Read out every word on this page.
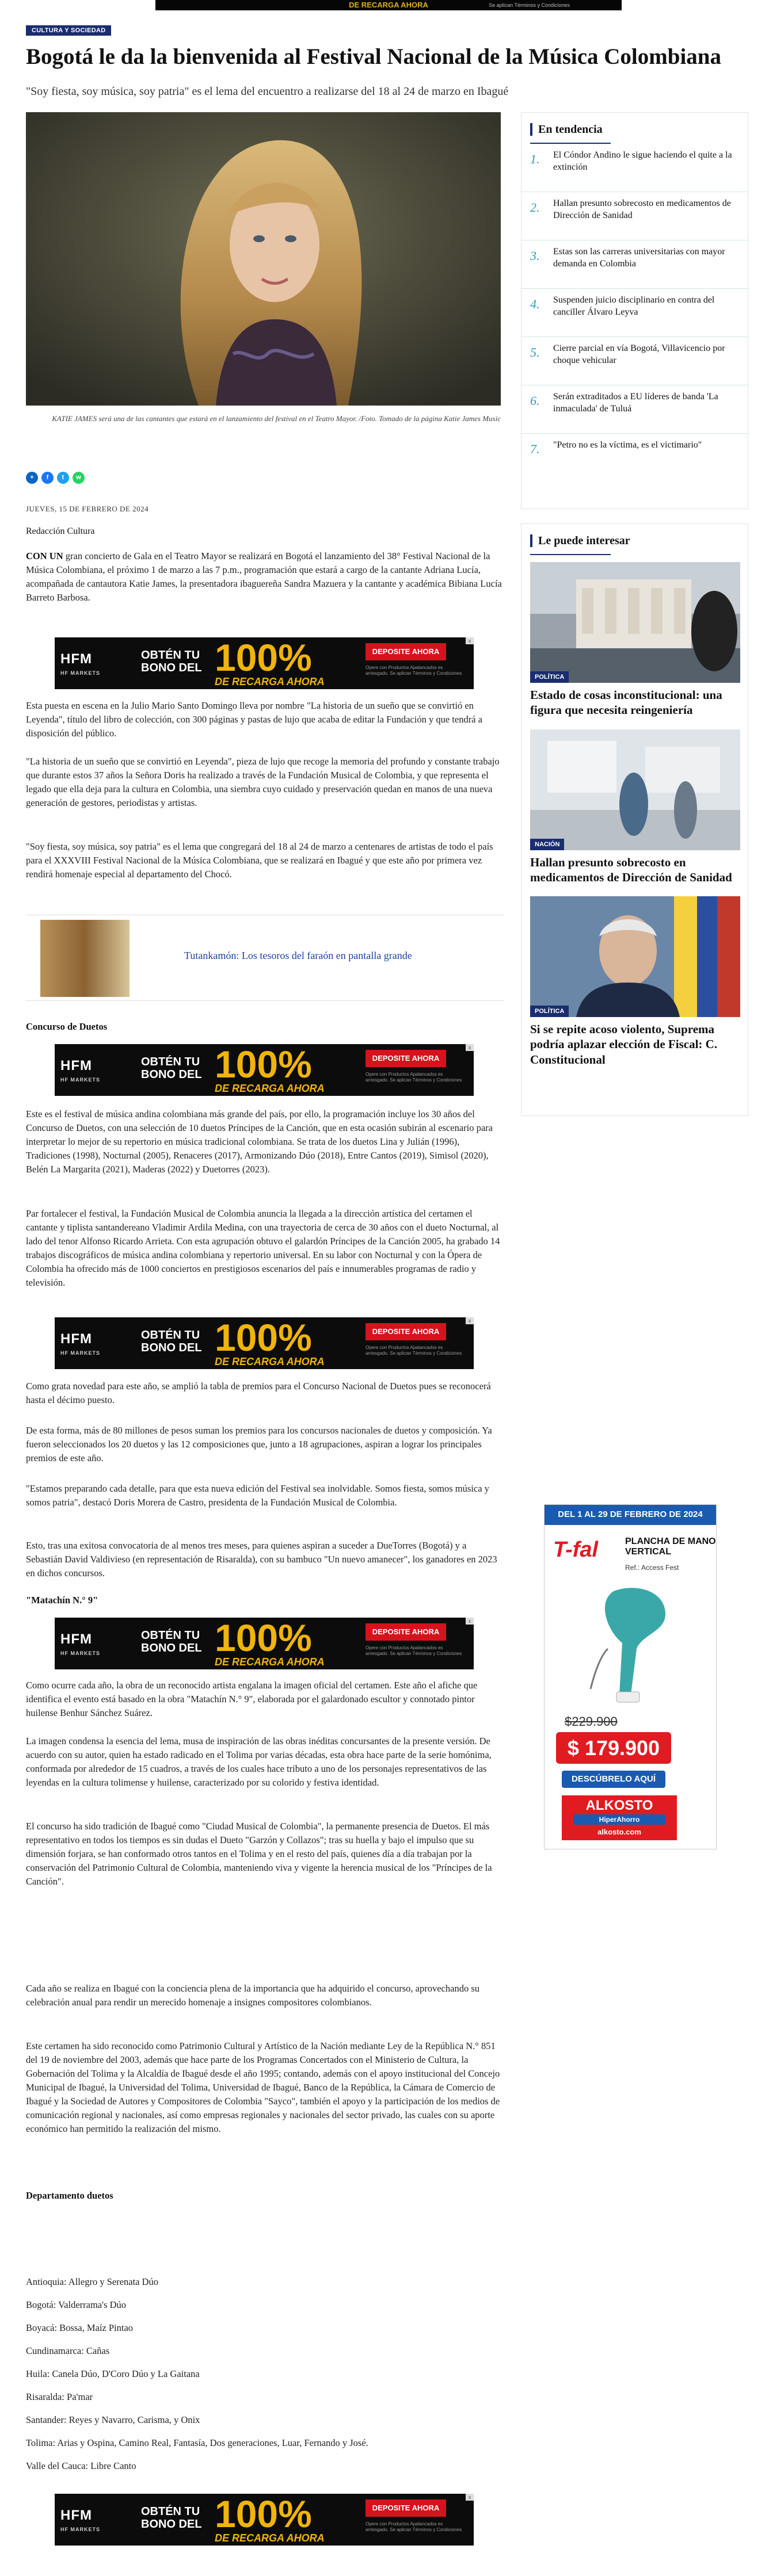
DE RECARGA AHORA	Se aplican Términos y Condiciones
CULTURA Y SOCIEDAD
Bogotá le da la bienvenida al Festival Nacional de la Música Colombiana
"Soy fiesta, soy música, soy patria" es el lema del encuentro a realizarse del 18 al 24 de marzo en Ibagué
KATIE JAMES será una de las cantantes que estará en el lanzamiento del festival en el Teatro Mayor. /Foto. Tomado de la página Katie James Music
+	f	t	w
JUEVES, 15 DE FEBRERO DE 2024
Redacción Cultura

CON UN gran concierto de Gala en el Teatro Mayor se realizará en Bogotá el lanzamiento del 38° Festival Nacional de la Música Colombiana, el próximo 1 de marzo a las 7 p.m., programación que estará a cargo de la cantante Adriana Lucía, acompañada de cantautora Katie James, la presentadora ibaguereña Sandra Mazuera y la cantante y académica Bibiana Lucía Barreto Barbosa.

HFM
HF MARKETS
OBTÉN TU
BONO DEL 100%
DE RECARGA AHORA
DEPOSITE AHORA
Opere con Productos Apalancados es arriesgado. Se aplican Términos y Condiciones
x

Esta puesta en escena en la Julio Mario Santo Domingo lleva por nombre "La historia de un sueño que se convirtió en Leyenda", título del libro de colección, con 300 páginas y pastas de lujo que acaba de editar la Fundación y que tendrá a disposición del público.

"La historia de un sueño que se convirtió en Leyenda", pieza de lujo que recoge la memoria del profundo y constante trabajo que durante estos 37 años la Señora Doris ha realizado a través de la Fundación Musical de Colombia, y que representa el legado que ella deja para la cultura en Colombia, una siembra cuyo cuidado y preservación quedan en manos de una nueva generación de gestores, periodistas y artistas.

"Soy fiesta, soy música, soy patria" es el lema que congregará del 18 al 24 de marzo a centenares de artistas de todo el país para el XXXVIII Festival Nacional de la Música Colombiana, que se realizará en Ibagué y que este año por primera vez rendirá homenaje especial al departamento del Chocó.

Tutankamón: Los tesoros del faraón en pantalla grande
Concurso de Duetos
HFM
HF MARKETS
OBTÉN TU
BONO DEL 100%
DE RECARGA AHORA
DEPOSITE AHORA
Opere con Productos Apalancados es arriesgado. Se aplican Términos y Condiciones
x

Este es el festival de música andina colombiana más grande del país, por ello, la programación incluye los 30 años del Concurso de Duetos, con una selección de 10 duetos Príncipes de la Canción, que en esta ocasión subirán al escenario para interpretar lo mejor de su repertorio en música tradicional colombiana. Se trata de los duetos Lina y Julián (1996), Tradiciones (1998), Nocturnal (2005), Renaceres (2017), Armonizando Dúo (2018), Entre Cantos (2019), Simisol (2020), Belén La Margarita (2021), Maderas (2022) y Duetorres (2023).

Par fortalecer el festival, la Fundación Musical de Colombia anuncia la llegada a la dirección artística del certamen el cantante y tiplista santandereano Vladimir Ardila Medina, con una trayectoria de cerca de 30 años con el dueto Nocturnal, al lado del tenor Alfonso Ricardo Arrieta. Con esta agrupación obtuvo el galardón Príncipes de la Canción 2005, ha grabado 14 trabajos discográficos de música andina colombiana y repertorio universal. En su labor con Nocturnal y con la Ópera de Colombia ha ofrecido más de 1000 conciertos en prestigiosos escenarios del país e innumerables programas de radio y televisión.

HFM
HF MARKETS
OBTÉN TU
BONO DEL 100%
DE RECARGA AHORA
DEPOSITE AHORA
Opere con Productos Apalancados es arriesgado. Se aplican Términos y Condiciones
x

Como grata novedad para este año, se amplió la tabla de premios para el Concurso Nacional de Duetos pues se reconocerá hasta el décimo puesto.

De esta forma, más de 80 millones de pesos suman los premios para los concursos nacionales de duetos y composición. Ya fueron seleccionados los 20 duetos y las 12 composiciones que, junto a 18 agrupaciones, aspiran a lograr los principales premios de este año.

"Estamos preparando cada detalle, para que esta nueva edición del Festival sea inolvidable. Somos fiesta, somos música y somos patria", destacó Doris Morera de Castro, presidenta de la Fundación Musical de Colombia.

Esto, tras una exitosa convocatoria de al menos tres meses, para quienes aspiran a suceder a DueTorres (Bogotá) y a Sebastián David Valdivieso (en representación de Risaralda), con su bambuco "Un nuevo amanecer", los ganadores en 2023 en dichos concursos.

"Matachín N.° 9"
HFM
HF MARKETS
OBTÉN TU
BONO DEL 100%
DE RECARGA AHORA
DEPOSITE AHORA
Opere con Productos Apalancados es arriesgado. Se aplican Términos y Condiciones
x

Como ocurre cada año, la obra de un reconocido artista engalana la imagen oficial del certamen. Este año el afiche que identifica el evento está basado en la obra "Matachín N.° 9", elaborada por el galardonado escultor y connotado pintor huilense Benhur Sánchez Suárez.

La imagen condensa la esencia del lema, musa de inspiración de las obras inéditas concursantes de la presente versión. De acuerdo con su autor, quien ha estado radicado en el Tolima por varias décadas, esta obra hace parte de la serie homónima, conformada por alrededor de 15 cuadros, a través de los cuales hace tributo a uno de los personajes representativos de las leyendas en la cultura tolimense y huilense, caracterizado por su colorido y festiva identidad.

El concurso ha sido tradición de Ibagué como "Ciudad Musical de Colombia", la permanente presencia de Duetos. El más representativo en todos los tiempos es sin dudas el Dueto "Garzón y Collazos"; tras su huella y bajo el impulso que su dimensión forjara, se han conformado otros tantos en el Tolima y en el resto del país, quienes día a día trabajan por la conservación del Patrimonio Cultural de Colombia, manteniendo viva y vigente la herencia musical de los "Príncipes de la Canción".

Cada año se realiza en Ibagué con la conciencia plena de la importancia que ha adquirido el concurso, aprovechando su celebración anual para rendir un merecido homenaje a insignes compositores colombianos.

Este certamen ha sido reconocido como Patrimonio Cultural y Artístico de la Nación mediante Ley de la República N.° 851 del 19 de noviembre del 2003, además que hace parte de los Programas Concertados con el Ministerio de Cultura, la Gobernación del Tolima y la Alcaldía de Ibagué desde el año 1995; contando, además con el apoyo institucional del Concejo Municipal de Ibagué, la Universidad del Tolima, Universidad de Ibagué, Banco de la República, la Cámara de Comercio de Ibagué y la Sociedad de Autores y Compositores de Colombia "Sayco", también el apoyo y la participación de los medios de comunicación regional y nacionales, así como empresas regionales y nacionales del sector privado, las cuales con su aporte económico han permitido la realización del mismo.

Departamento duetos

Antioquia: Allegro y Serenata Dúo

Bogotá: Valderrama's Dúo

Boyacá: Bossa, Maíz Pintao

Cundinamarca: Cañas

Huila: Canela Dúo, D'Coro Dúo y La Gaitana

Risaralda: Pa'mar

Santander: Reyes y Navarro, Carisma, y Onix

Tolima: Arias y Ospina, Camino Real, Fantasía, Dos generaciones, Luar, Fernando y José.

Valle del Cauca: Libre Canto

HFM
HF MARKETS
OBTÉN TU
BONO DEL 100%
DE RECARGA AHORA
DEPOSITE AHORA
Opere con Productos Apalancados es arriesgado. Se aplican Términos y Condiciones
x
En tendencia
1.	El Cóndor Andino le sigue haciendo el quite a la extinción
2.	Hallan presunto sobrecosto en medicamentos de Dirección de Sanidad
3.	Estas son las carreras universitarias con mayor demanda en Colombia
4.	Suspenden juicio disciplinario en contra del canciller Álvaro Leyva
5.	Cierre parcial en vía Bogotá, Villavicencio por choque vehicular
6.	Serán extraditados a EU líderes de banda 'La inmaculada' de Tuluá
7.	"Petro no es la víctima, es el victimario"
Le puede interesar
POLÍTICA
Estado de cosas inconstitucional: una figura que necesita reingeniería
NACIÓN
Hallan presunto sobrecosto en medicamentos de Dirección de Sanidad
POLÍTICA
Si se repite acoso violento, Suprema podría aplazar elección de Fiscal: C. Constitucional
DEL 1 AL 29 DE FEBRERO DE 2024
T-fal	PLANCHA DE MANO VERTICAL
Ref.: Access Fest
$229.900
$ 179.900
DESCÚBRELO AQUÍ
ALKOSTO
HiperAhorro
alkosto.com
